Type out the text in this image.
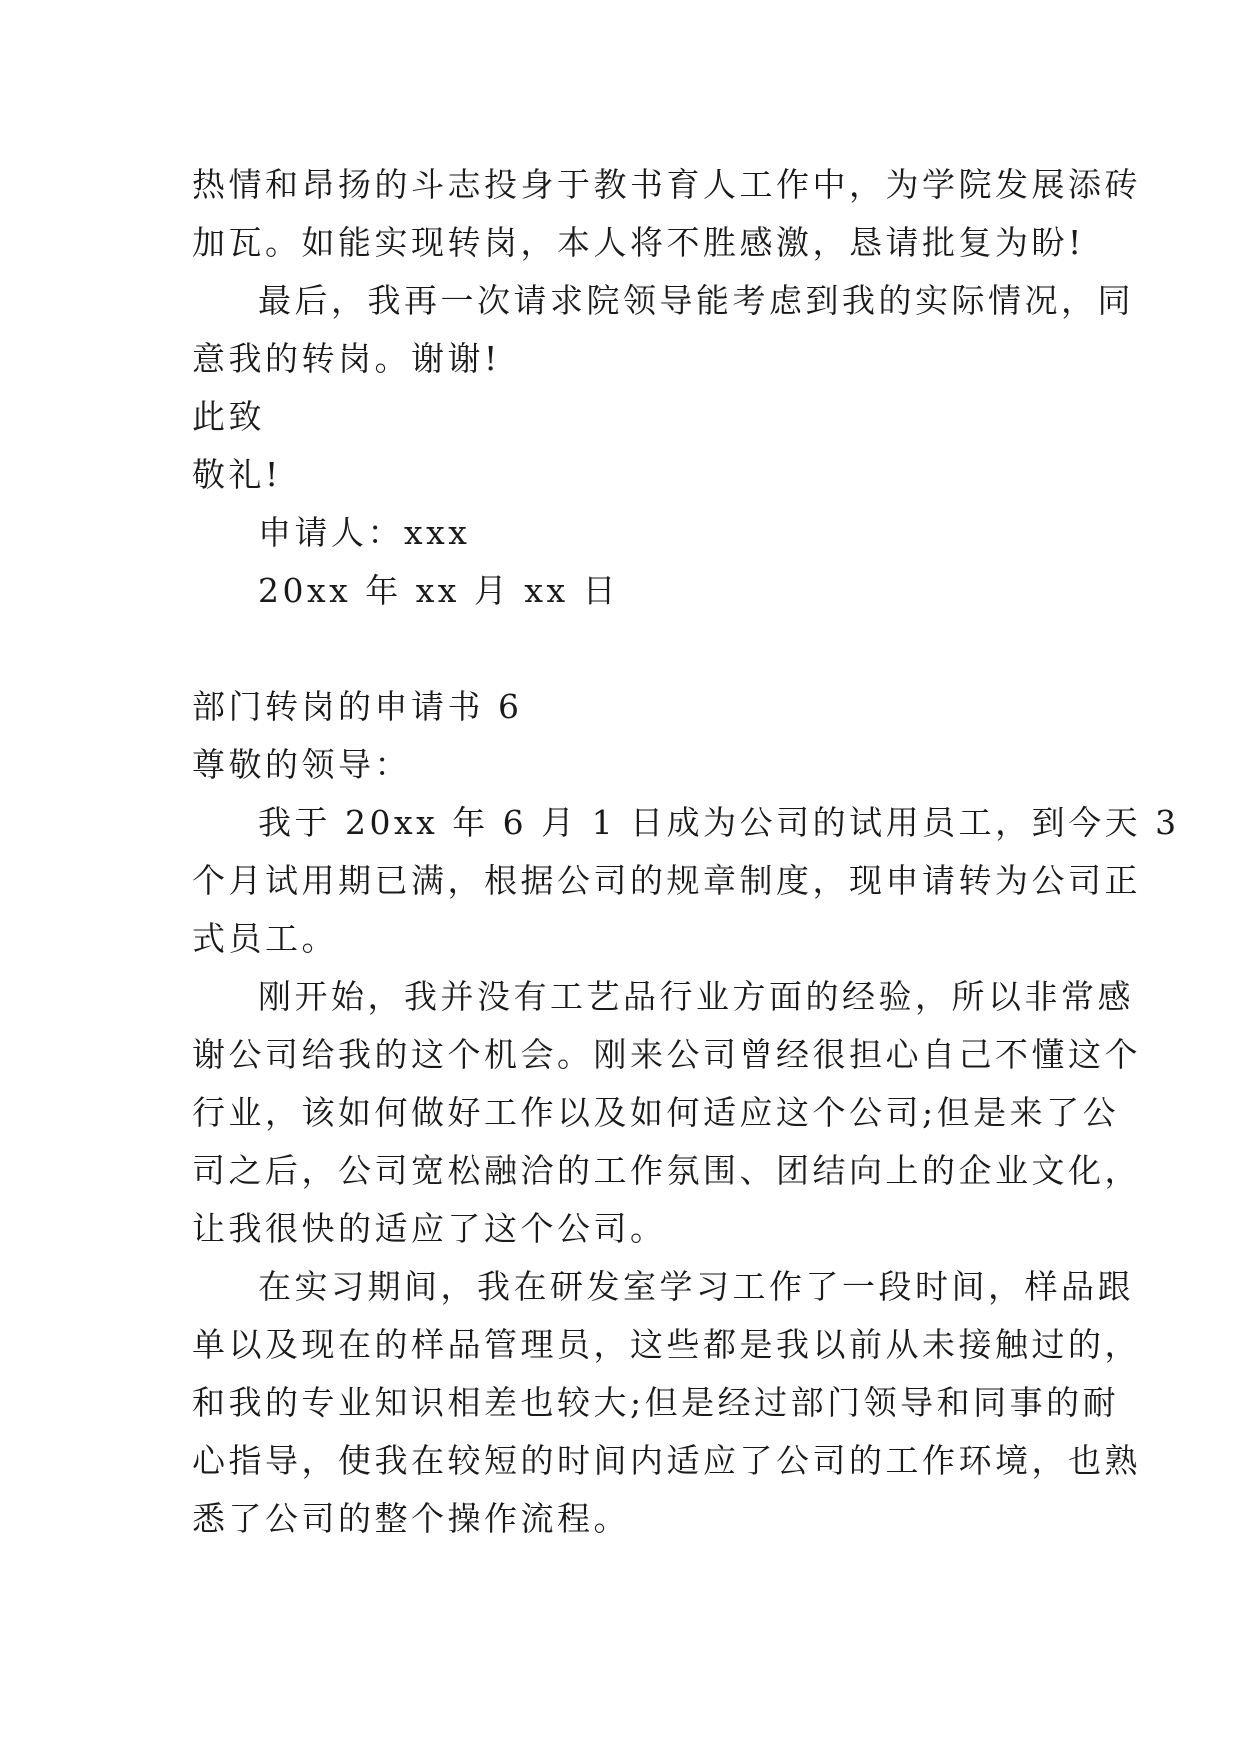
热情和昂扬的斗志投身于教书育人工作中，为学院发展添砖
加瓦。如能实现转岗，本人将不胜感激，恳请批复为盼!
最后，我再一次请求院领导能考虑到我的实际情况，同
意我的转岗。谢谢!
此致
敬礼!
申请人：xxx
20xx 年 xx 月 xx 日
部门转岗的申请书 6
尊敬的领导：
我于 20xx 年 6 月 1 日成为公司的试用员工，到今天 3
个月试用期已满，根据公司的规章制度，现申请转为公司正
式员工。
刚开始，我并没有工艺品行业方面的经验，所以非常感
谢公司给我的这个机会。刚来公司曾经很担心自己不懂这个
行业，该如何做好工作以及如何适应这个公司;但是来了公
司之后，公司宽松融洽的工作氛围、团结向上的企业文化，
让我很快的适应了这个公司。
在实习期间，我在研发室学习工作了一段时间，样品跟
单以及现在的样品管理员，这些都是我以前从未接触过的，
和我的专业知识相差也较大;但是经过部门领导和同事的耐
心指导，使我在较短的时间内适应了公司的工作环境，也熟
悉了公司的整个操作流程。
